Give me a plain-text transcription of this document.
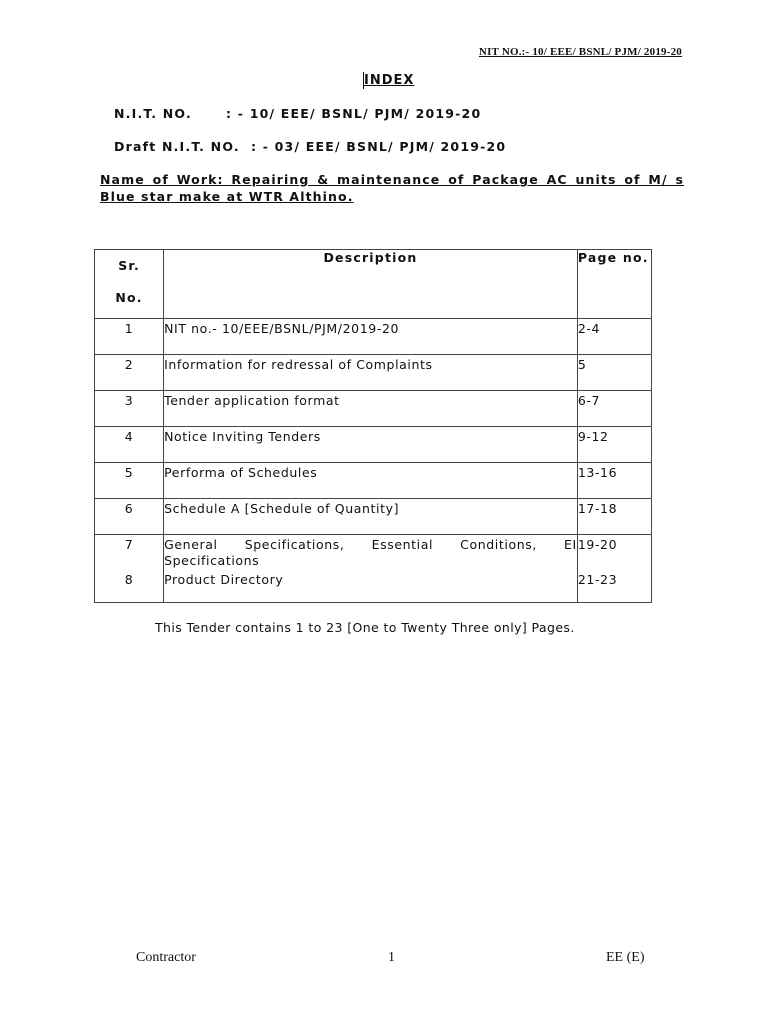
NIT NO.:- 10/ EEE/ BSNL/ PJM/ 2019-20
INDEX
N.I.T. NO.	: - 10/ EEE/ BSNL/ PJM/ 2019-20
Draft N.I.T. NO. : - 03/ EEE/ BSNL/ PJM/ 2019-20
Name of Work: Repairing & maintenance of Package AC units of M/ s Blue star make at WTR Althino.
Sr.
No.	Description	Page no.
1	NIT no.- 10/EEE/BSNL/PJM/2019-20	2-4
2	Information for redressal of Complaints	5
3	Tender application format	6-7
4	Notice Inviting Tenders	9-12
5	Performa of Schedules	13-16
6	Schedule A [Schedule of Quantity]	17-18
7	General Specifications, Essential Conditions, EI
Specifications	19-20
8	Product Directory	21-23
This Tender contains 1 to 23 [One to Twenty Three only] Pages.
Contractor	1	EE (E)
